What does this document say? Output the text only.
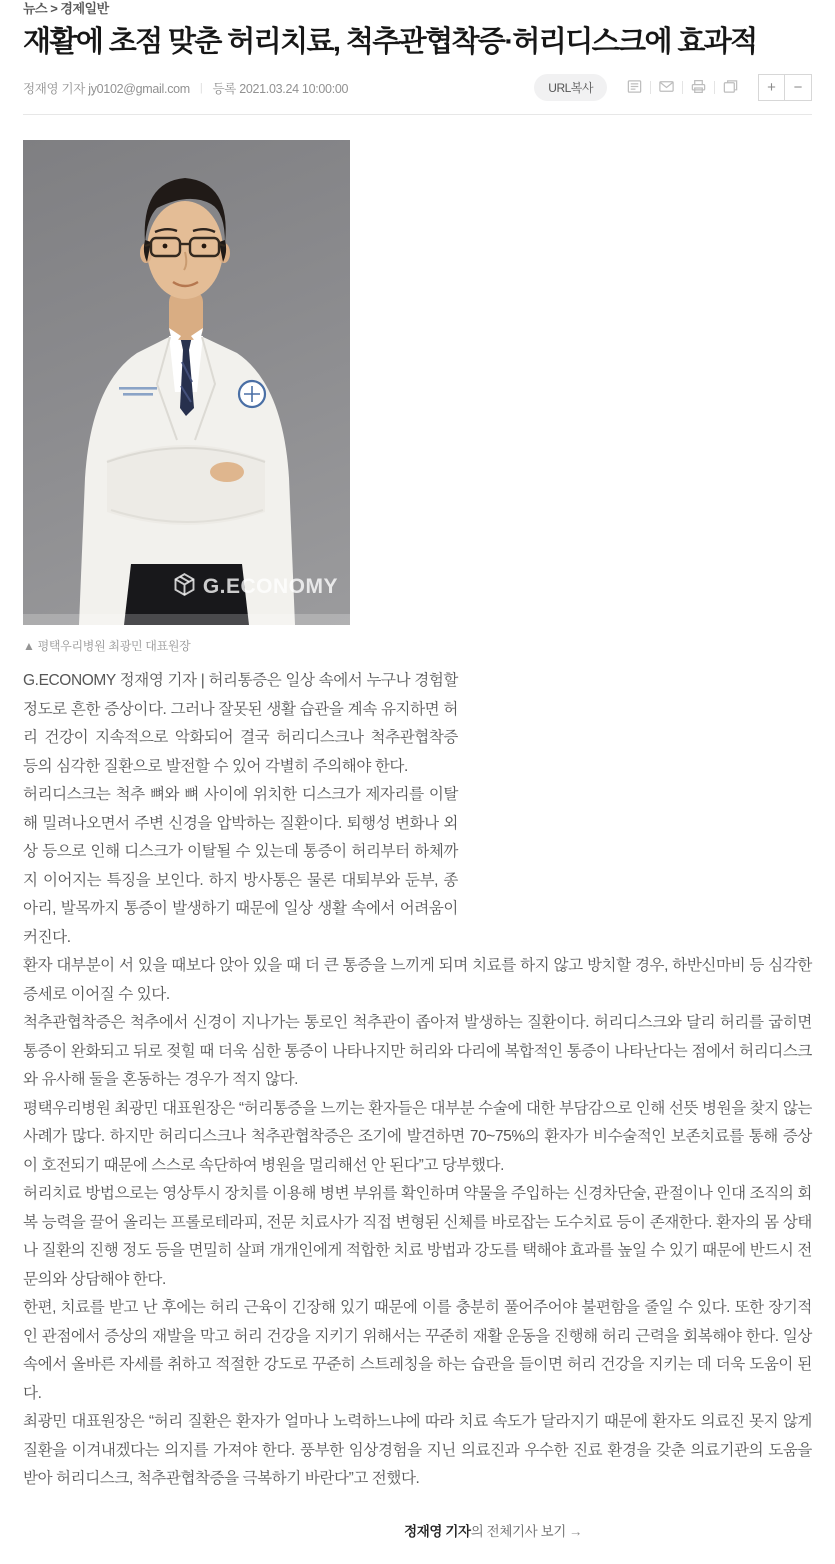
뉴스 > 경제일반
재활에 초점 맞춘 허리치료, 척추관협착증·허리디스크에 효과적
정재영 기자 jy0102@gmail.com | 등록 2021.03.24 10:00:00	URL복사	+	−
G.ECONOMY
▲ 평택우리병원 최광민 대표원장

G.ECONOMY 정재영 기자 | 허리통증은 일상 속에서 누구나 경험할 정도로 흔한 증상이다. 그러나 잘못된 생활 습관을 계속 유지하면 허리 건강이 지속적으로 악화되어 결국 허리디스크나 척추관협착증 등의 심각한 질환으로 발전할 수 있어 각별히 주의해야 한다.

허리디스크는 척추 뼈와 뼈 사이에 위치한 디스크가 제자리를 이탈해 밀려나오면서 주변 신경을 압박하는 질환이다. 퇴행성 변화나 외상 등으로 인해 디스크가 이탈될 수 있는데 통증이 허리부터 하체까지 이어지는 특징을 보인다. 하지 방사통은 물론 대퇴부와 둔부, 종아리, 발목까지 통증이 발생하기 때문에 일상 생활 속에서 어려움이 커진다.

환자 대부분이 서 있을 때보다 앉아 있을 때 더 큰 통증을 느끼게 되며 치료를 하지 않고 방치할 경우, 하반신마비 등 심각한 증세로 이어질 수 있다.

척추관협착증은 척추에서 신경이 지나가는 통로인 척추관이 좁아져 발생하는 질환이다. 허리디스크와 달리 허리를 굽히면 통증이 완화되고 뒤로 젖힐 때 더욱 심한 통증이 나타나지만 허리와 다리에 복합적인 통증이 나타난다는 점에서 허리디스크와 유사해 둘을 혼동하는 경우가 적지 않다.

평택우리병원 최광민 대표원장은 “허리통증을 느끼는 환자들은 대부분 수술에 대한 부담감으로 인해 선뜻 병원을 찾지 않는 사례가 많다. 하지만 허리디스크나 척추관협착증은 조기에 발견하면 70~75%의 환자가 비수술적인 보존치료를 통해 증상이 호전되기 때문에 스스로 속단하여 병원을 멀리해선 안 된다”고 당부했다.

허리치료 방법으로는 영상투시 장치를 이용해 병변 부위를 확인하며 약물을 주입하는 신경차단술, 관절이나 인대 조직의 회복 능력을 끌어 올리는 프롤로테라피, 전문 치료사가 직접 변형된 신체를 바로잡는 도수치료 등이 존재한다. 환자의 몸 상태나 질환의 진행 정도 등을 면밀히 살펴 개개인에게 적합한 치료 방법과 강도를 택해야 효과를 높일 수 있기 때문에 반드시 전문의와 상담해야 한다.

한편, 치료를 받고 난 후에는 허리 근육이 긴장해 있기 때문에 이를 충분히 풀어주어야 불편함을 줄일 수 있다. 또한 장기적인 관점에서 증상의 재발을 막고 허리 건강을 지키기 위해서는 꾸준히 재활 운동을 진행해 허리 근력을 회복해야 한다. 일상 속에서 올바른 자세를 취하고 적절한 강도로 꾸준히 스트레칭을 하는 습관을 들이면 허리 건강을 지키는 데 더욱 도움이 된다.

최광민 대표원장은 “허리 질환은 환자가 얼마나 노력하느냐에 따라 치료 속도가 달라지기 때문에 환자도 의료진 못지 않게 질환을 이겨내겠다는 의지를 가져야 한다. 풍부한 임상경험을 지닌 의료진과 우수한 진료 환경을 갖춘 의료기관의 도움을 받아 허리디스크, 척추관협착증을 극복하기 바란다”고 전했다.

정재영 기자의 전체기사 보기 →
